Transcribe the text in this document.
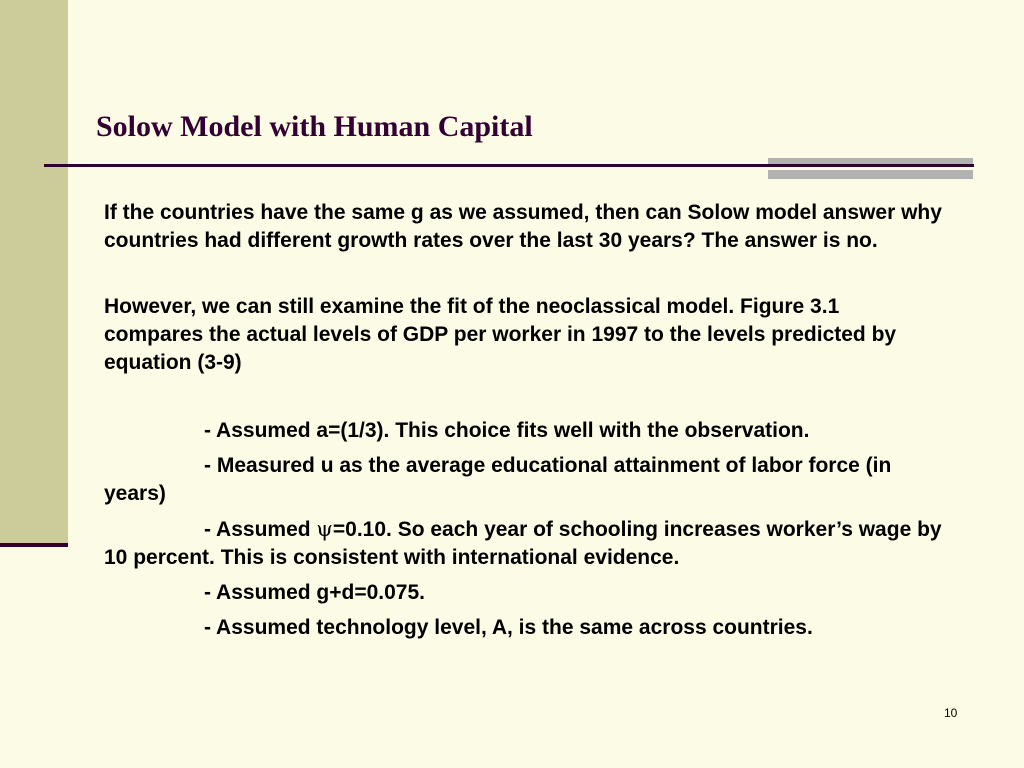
Solow Model with Human Capital

If the countries have the same g as we assumed, then can Solow model answer why countries had different growth rates over the last 30 years? The answer is no.

However, we can still examine the fit of the neoclassical model. Figure 3.1 compares the actual levels of GDP per worker in 1997 to the levels predicted by equation (3-9)

- Assumed a=(1/3). This choice fits well with the observation.

- Measured u as the average educational attainment of labor force (in years)

- Assumed ψ=0.10. So each year of schooling increases worker’s wage by 10 percent. This is consistent with international evidence.

- Assumed g+d=0.075.

- Assumed technology level, A, is the same across countries.

10
